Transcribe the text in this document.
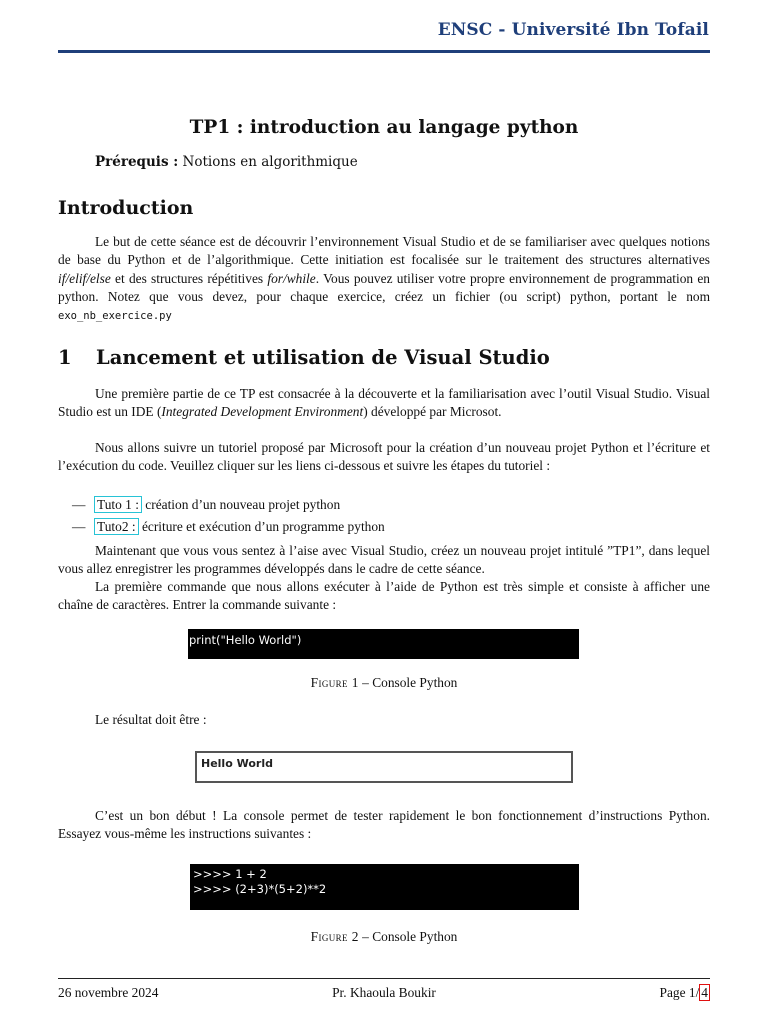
ENSC - Université Ibn Tofail
TP1 : introduction au langage python
Prérequis : Notions en algorithmique
Introduction
Le but de cette séance est de découvrir l’environnement Visual Studio et de se familiariser avec quelques notions de base du Python et de l’algorithmique. Cette initiation est focalisée sur le traitement des structures alternatives if/elif/else et des structures répétitives for/while. Vous pouvez utiliser votre propre environnement de programmation en python. Notez que vous devez, pour chaque exercice, créez un fichier (ou script) python, portant le nom exo_nb_exercice.py
1 Lancement et utilisation de Visual Studio
Une première partie de ce TP est consacrée à la découverte et la familiarisation avec l’outil Visual Studio. Visual Studio est un IDE (Integrated Development Environment) développé par Microsot.
Nous allons suivre un tutoriel proposé par Microsoft pour la création d’un nouveau projet Python et l’écriture et l’exécution du code. Veuillez cliquer sur les liens ci-dessous et suivre les étapes du tutoriel :
— Tuto 1 : création d’un nouveau projet python
— Tuto2 : écriture et exécution d’un programme python
Maintenant que vous vous sentez à l’aise avec Visual Studio, créez un nouveau projet intitulé ”TP1”, dans lequel vous allez enregistrer les programmes développés dans le cadre de cette séance.
La première commande que nous allons exécuter à l’aide de Python est très simple et consiste à afficher une chaîne de caractères. Entrer la commande suivante :
print("Hello World")
Figure 1 – Console Python
Le résultat doit être :
Hello World
C’est un bon début ! La console permet de tester rapidement le bon fonctionnement d’instructions Python. Essayez vous-même les instructions suivantes :
>>>> 1 + 2
>>>> (2+3)*(5+2)**2
Figure 2 – Console Python
26 novembre 2024	Pr. Khaoula Boukir	Page 1/ 4
